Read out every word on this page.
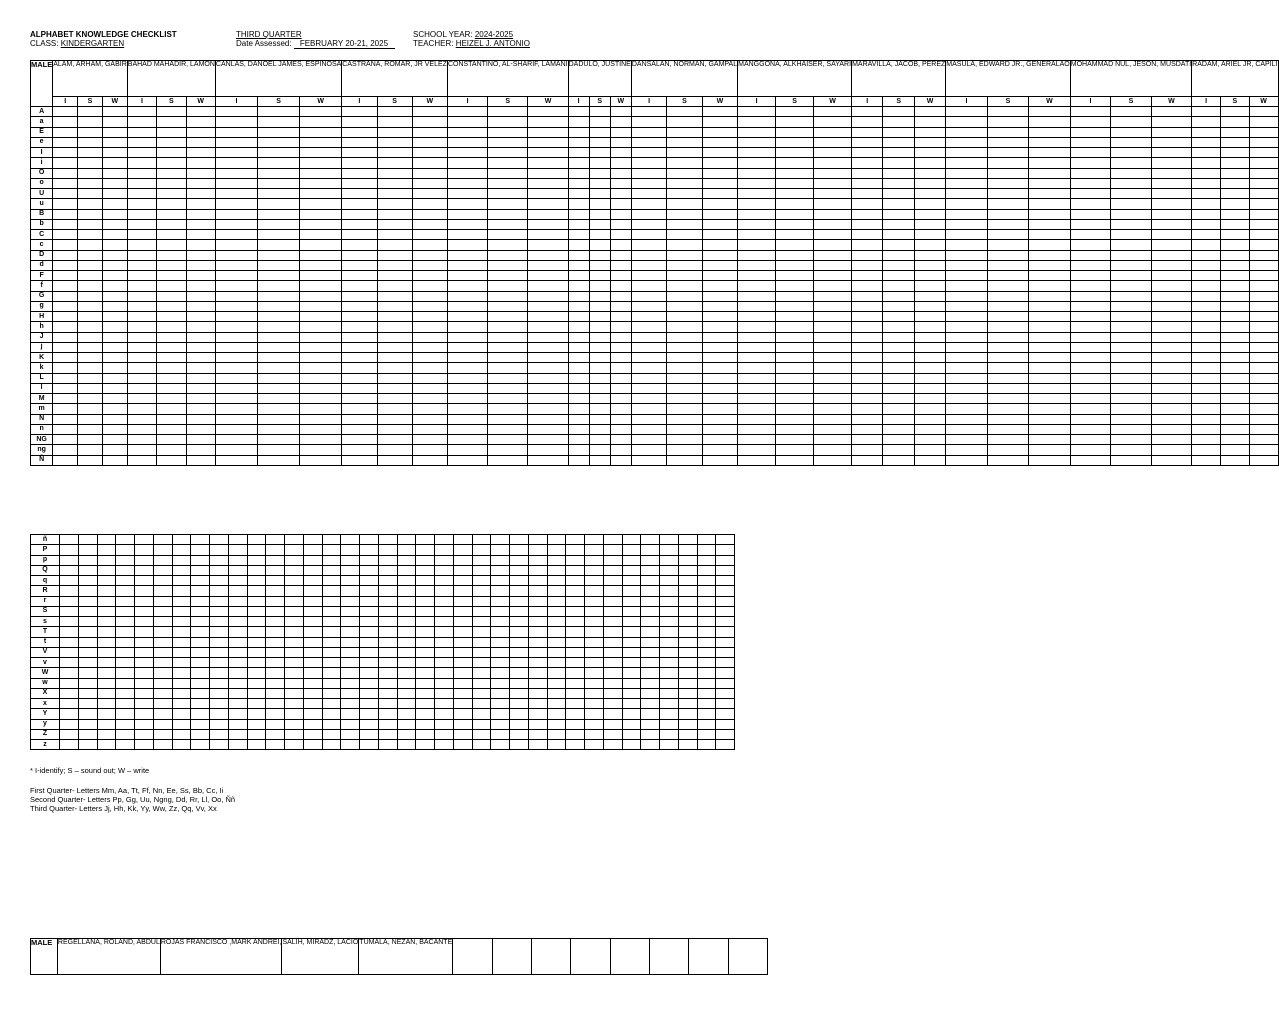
ALPHABET KNOWLEDGE CHECKLIST
CLASS: KINDERGARTEN
THIRD QUARTER
Date Assessed: FEBRUARY 20-21, 2025
SCHOOL YEAR: 2024-2025
TEACHER: HEIZEL J. ANTONIO
MALE	ALAM, ARHAM, GABIR			BAHAD MAHADIR, LAMON			CANLAS, DANOEL JAMES, ESPINOSA			CASTRANA, ROMAR, JR VELEZ			CONSTANTINO, AL-SHARIF, LAMANI			DADULO, JUSTINE			DANSALAN, NORMAN, GAMPAL			MANGGONA, ALKHAISER, SAYARI			MARAVILLA, JACOB, PEREZ			MASULA, EDWARD JR., GENERALAO			MOHAMMAD NUL, JESON, MUSDATI			RADAM, ARIEL JR, CAPILI		
	I	S	W	I	S	W	I	S	W	I	S	W	I	S	W	I	S	W	I	S	W	I	S	W	I	S	W	I	S	W	I	S	W	I	S	W
A																																				
a																																				
E																																				
e																																				
I																																				
i																																				
O																																				
o																																				
U																																				
u																																				
B																																				
b																																				
C																																				
c																																				
D																																				
d																																				
F																																				
f																																				
G																																				
g																																				
H																																				
h																																				
J																																				
j																																				
K																																				
k																																				
L																																				
l																																				
M																																				
m																																				
N																																				
n																																				
NG																																				
ng																																				
Ñ																																				
ñ																																				
P																																				
p																																				
Q																																				
q																																				
R																																				
r																																				
S																																				
s																																				
T																																				
t																																				
V																																				
v																																				
W																																				
w																																				
X																																				
x																																				
Y																																				
y																																				
Z																																				
z																																				
* I-identify; S – sound out; W – write
First Quarter- Letters Mm, Aa, Tt, Ff, Nn, Ee, Ss, Bb, Cc, Ii
Second Quarter- Letters Pp, Gg, Uu, Ngng, Dd, Rr, Ll, Oo, Ññ
Third Quarter- Letters Jj, Hh, Kk, Yy, Ww, Zz, Qq, Vv, Xx
MALE	REGELLANA, ROLAND, ABDUL	ROJAS FRANCISCO ,MARK ANDREI,	SALIH, MIRADZ, LACIO	TUMALA, NEZAN, BACANTE								
